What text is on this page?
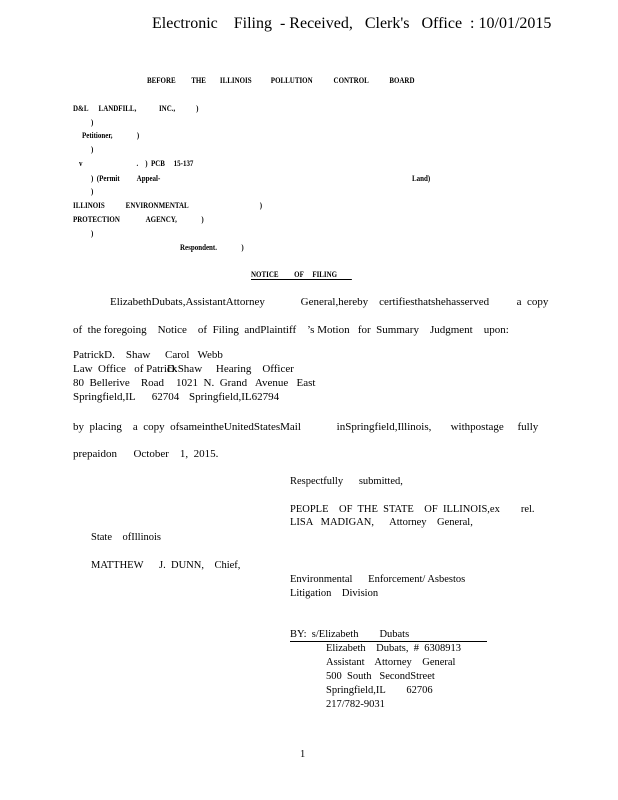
Electronic    Filing  - Received,   Clerk's   Office  : 10/01/2015
BEFORE         THE        ILLINOIS           POLLUTION            CONTROL            BOARD
D&L      LANDFILL,             INC.,            )
)
Petitioner,              )
)
v                               .    )  PCB     15-137
)  (Permit          Appeal-	Land)
)
ILLINOIS            ENVIRONMENTAL                                         )
PROTECTION               AGENCY,              )
)
Respondent.              )
NOTICE         OF     FILING
ElizabethDubats,AssistantAttorney             General,hereby    certifiesthatshehasserved          a  copy
of  the foregoing    Notice    of  Filing  andPlaintiff    ’s Motion   for  Summary    Judgment    upon:
PatrickD.    Shaw
Law  Office   of Patrick
80  Bellerive    Road
Springfield,IL      62704
Carol   Webb
D.Shaw     Hearing    Officer
1021  N.  Grand   Avenue   East
Springfield,IL62794
by  placing    a  copy  ofsameintheUnitedStatesMail             inSpringfield,Illinois,       withpostage     fully
prepaidon      October    1,  2015.
Respectfully      submitted,
PEOPLE    OF  THE  STATE    OF  ILLINOIS,ex        rel.
LISA   MADIGAN,      Attorney    General,
State    ofIllinois
MATTHEW      J.  DUNN,    Chief,
Environmental      Enforcement/ Asbestos
Litigation    Division
BY:  s/Elizabeth        Dubats
Elizabeth    Dubats,  #  6308913
Assistant    Attorney    General
500  South   SecondStreet
Springfield,IL        62706
217/782-9031
1
